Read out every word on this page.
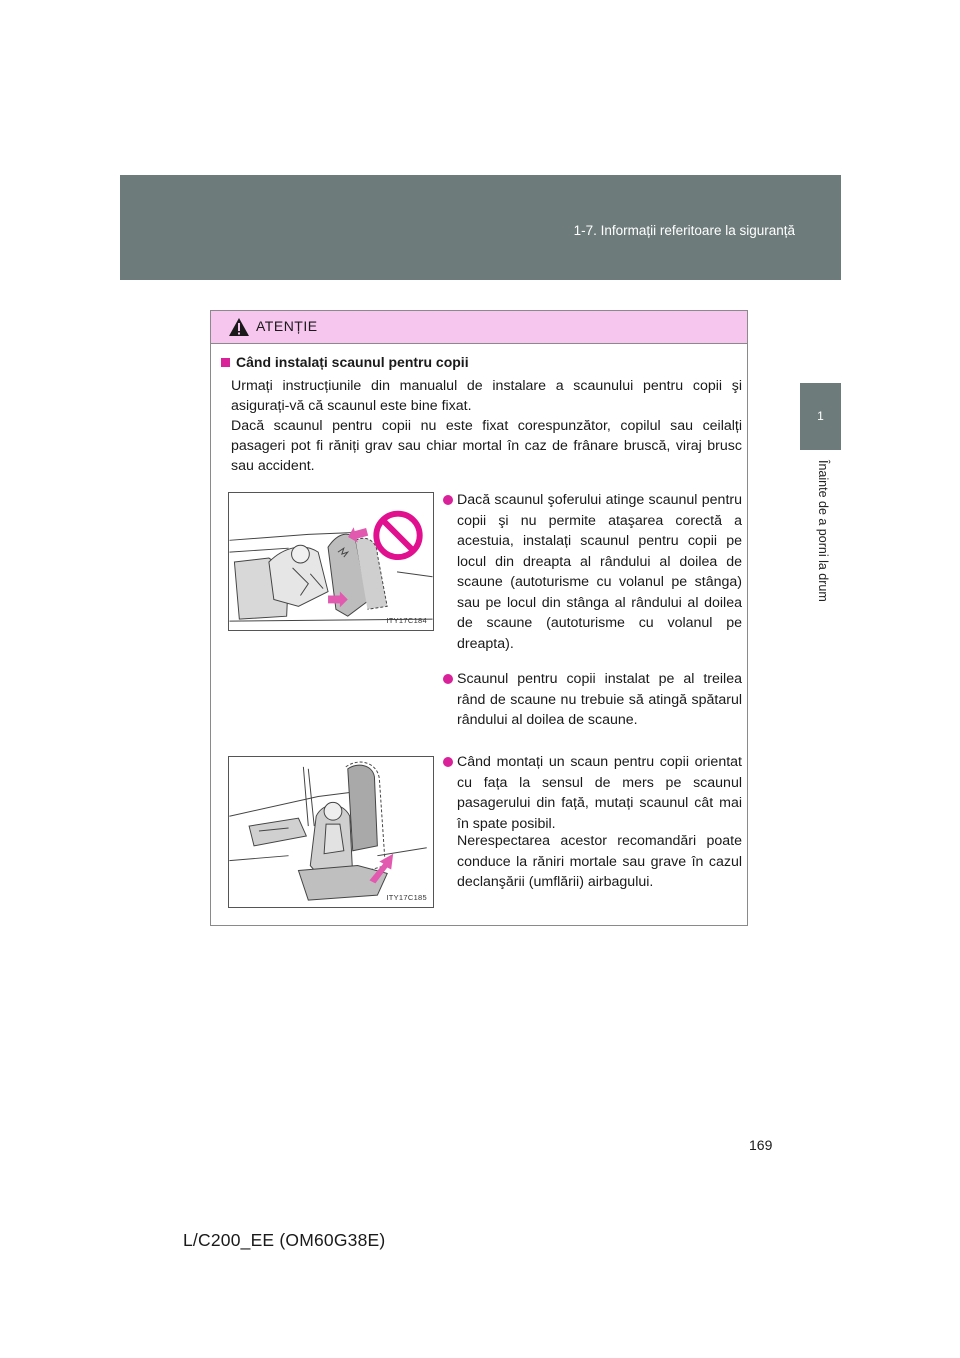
1-7. Informații referitoare la siguranță
1
Înainte de a porni la drum
ATENȚIE
Când instalați scaunul pentru copii

Urmați instrucțiunile din manualul de instalare a scaunului pentru copii şi asigurați-vă că scaunul este bine fixat.

Dacă scaunul pentru copii nu este fixat corespunzător, copilul sau ceilalți pasageri pot fi răniți grav sau chiar mortal în caz de frânare bruscă, viraj brusc sau accident.

ITY17C184
ITY17C185
Dacă scaunul şoferului atinge scaunul pentru copii şi nu permite ataşarea corectă a acestuia, instalați scaunul pentru copii pe locul din dreapta al rândului al doilea de scaune (autoturisme cu volanul pe stânga) sau pe locul din stânga al rândului al doilea de scaune (autoturisme cu volanul pe dreapta).
Scaunul pentru copii instalat pe al treilea rând de scaune nu trebuie să atingă spătarul rândului al doilea de scaune.
Când montați un scaun pentru copii orientat cu fața la sensul de mers pe scaunul pasagerului din față, mutați scaunul cât mai în spate posibil.
Nerespectarea acestor recomandări poate conduce la răniri mortale sau grave în cazul declanşării (umflării) airbagului.
169
L/C200_EE (OM60G38E)
